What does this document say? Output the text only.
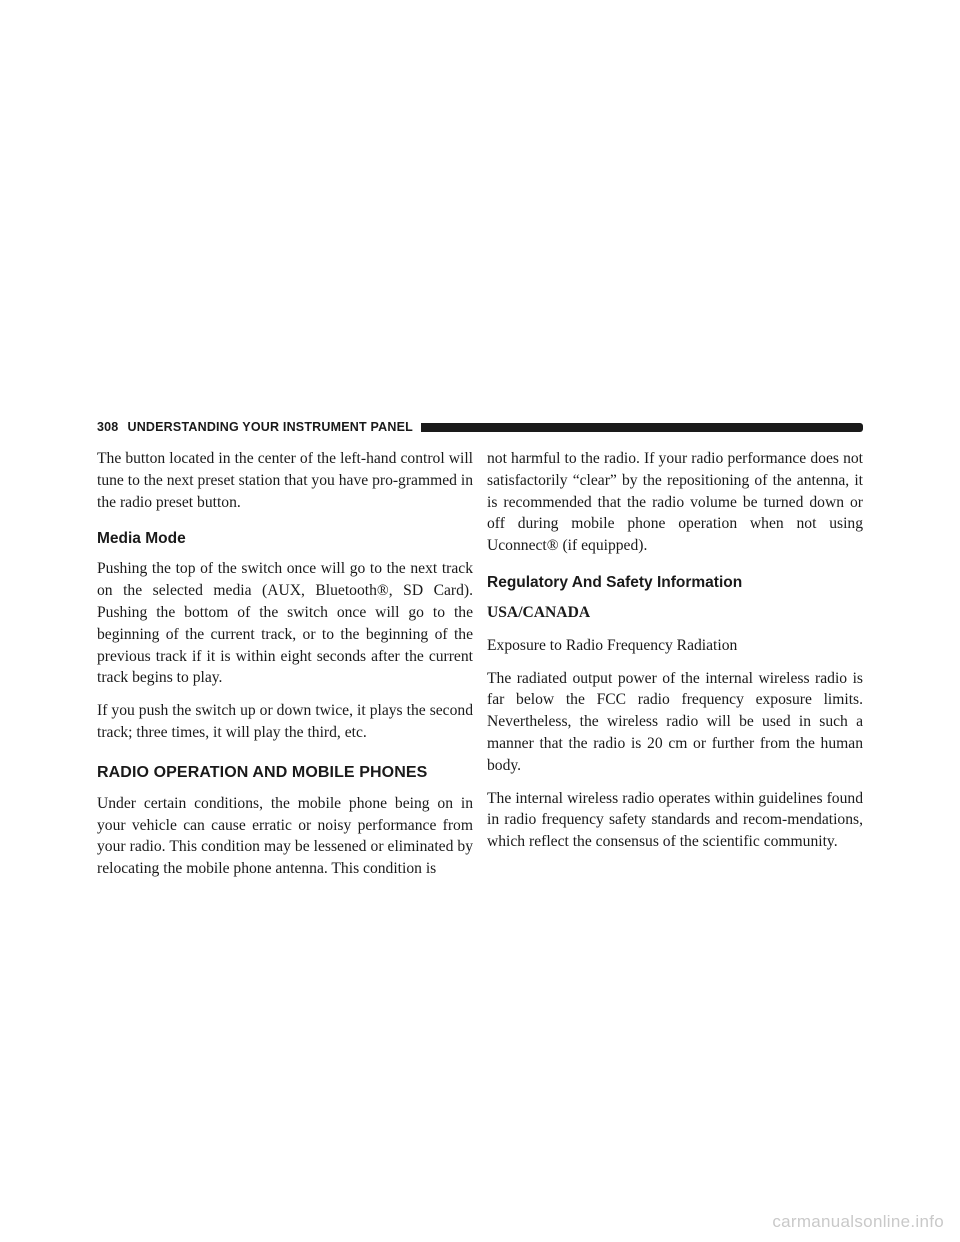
308 UNDERSTANDING YOUR INSTRUMENT PANEL

The button located in the center of the left-hand control will tune to the next preset station that you have pro-grammed in the radio preset button.

Media Mode

Pushing the top of the switch once will go to the next track on the selected media (AUX, Bluetooth®, SD Card). Pushing the bottom of the switch once will go to the beginning of the current track, or to the beginning of the previous track if it is within eight seconds after the current track begins to play.

If you push the switch up or down twice, it plays the second track; three times, it will play the third, etc.

RADIO OPERATION AND MOBILE PHONES

Under certain conditions, the mobile phone being on in your vehicle can cause erratic or noisy performance from your radio. This condition may be lessened or eliminated by relocating the mobile phone antenna. This condition is

not harmful to the radio. If your radio performance does not satisfactorily “clear” by the repositioning of the antenna, it is recommended that the radio volume be turned down or off during mobile phone operation when not using Uconnect® (if equipped).

Regulatory And Safety Information

USA/CANADA

Exposure to Radio Frequency Radiation

The radiated output power of the internal wireless radio is far below the FCC radio frequency exposure limits. Nevertheless, the wireless radio will be used in such a manner that the radio is 20 cm or further from the human body.

The internal wireless radio operates within guidelines found in radio frequency safety standards and recom-mendations, which reflect the consensus of the scientific community.

carmanualsonline.info
